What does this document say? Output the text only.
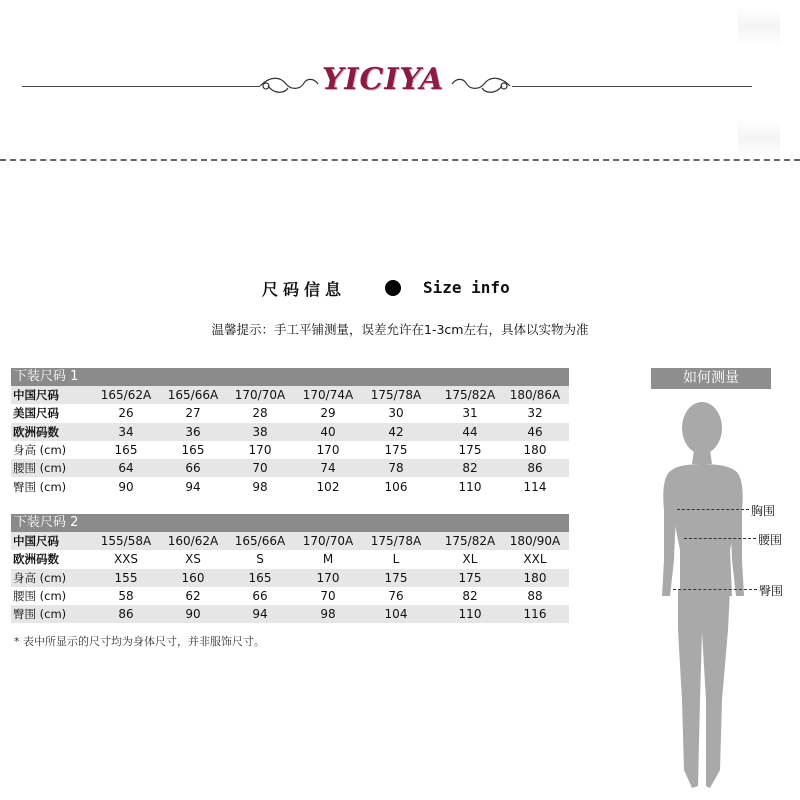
YICIYA
尺码信息	Size info
温馨提示：手工平铺测量，误差允许在1-3cm左右，具体以实物为准
下装尺码 1
中国尺码	165/62A	165/66A	170/70A	170/74A	175/78A	175/82A	180/86A
美国尺码	26	27	28	29	30	31	32
欧洲码数	34	36	38	40	42	44	46
身高 (cm)	165	165	170	170	175	175	180
腰围 (cm)	64	66	70	74	78	82	86
臀围 (cm)	90	94	98	102	106	110	114
下装尺码 2
中国尺码	155/58A	160/62A	165/66A	170/70A	175/78A	175/82A	180/90A
欧洲码数	XXS	XS	S	M	L	XL	XXL
身高 (cm)	155	160	165	170	175	175	180
腰围 (cm)	58	62	66	70	76	82	88
臀围 (cm)	86	90	94	98	104	110	116
* 表中所显示的尺寸均为身体尺寸，并非服饰尺寸。
如何测量
胸围
腰围
臀围
